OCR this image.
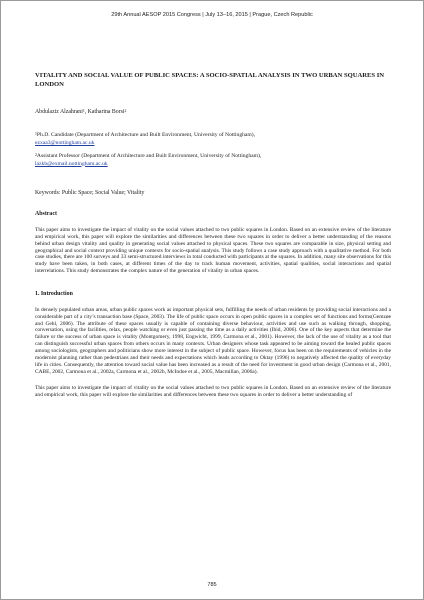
29th Annual AESOP 2015 Congress | July 13–16, 2015 | Prague, Czech Republic
VITALITY AND SOCIAL VALUE OF PUBLIC SPACES: A SOCIO-SPATIAL ANALYSIS IN TWO URBAN SQUARES IN LONDON
Abdulaziz Alzahrani$^1$, Katharina Borsi$^2$
$^1$Ph.D. Candidate (Department of Architecture and Built Environment, University of Nottingham),
ezxaa3@nottingham.ac.uk
$^2$Assistant Professor (Department of Architecture and Built Environment, University of Nottingham),
lazkb@exmail.nottingham.ac.uk
Keywords: Public Space; Social Value; Vitality
Abstract

This paper aims to investigate the impact of vitality on the social values attached to two public squares in London. Based on an extensive review of the literature and empirical work, this paper will explore the similarities and differences between these two squares in order to deliver a better understanding of the reasons behind urban design vitality and quality in generating social values attached to physical spaces. These two squares are comparable in size, physical setting and geographical and social context providing unique contexts for socio-spatial analysis. This study follows a case study approach with a qualitative method. For both case studies, there are 100 surveys and 33 semi-structured interviews in total conducted with participants at the squares. In addition, many site observations for this study have been taken, in both cases, at different times of the day to track human movement, activities, spatial qualities, social interactions and spatial interrelations. This study demonstrates the complex nature of the generation of vitality in urban spaces.

1. Introduction

In densely populated urban areas, urban public spaces work as important physical sets, fulfilling the needs of urban residents by providing social interactions and a considerable part of a city’s transaction base (Space, 2003). The life of public space occurs in open public spaces in a complex set of functions and forms(Gemzøe and Gehl, 2006). The attribute of these spaces usually is capable of containing diverse behaviour, activities and use such as walking through, shopping, conversation, using the facilities, relax, people watching or even just passing the time as a daily activities (Ibid, 2006). One of the key aspects that determine the failure or the success of urban space is vitality (Montgomery, 1998, Engwicht, 1999, Carmona et al., 2001). However, the lack of the use of vitality as a tool that can distinguish successful urban spaces from others occurs in many contexts. Urban designers whose task appeared to be aiming toward the healed public spaces among sociologists, geographers and politicians show more interest in the subject of public space. However, focus has been on the requirements of vehicles in the modernist planning rather than pedestrians and their needs and expectations which leads according to Oktay (1996) to negatively affected the quality of everyday life in cities. Consequently, the attention toward social value has been increased as a result of the need for investment in good urban design (Carmona et al., 2001, CABE, 2002, Carmona et al., 2002a, Carmona et al., 2002b, McIndoe et al., 2005, Macmillan, 2006a).

This paper aims to investigate the impact of vitality on the social values attached to two public squares in London. Based on an extensive review of the literature and empirical work, this paper will explore the similarities and differences between these two squares in order to deliver a better understanding of

785
